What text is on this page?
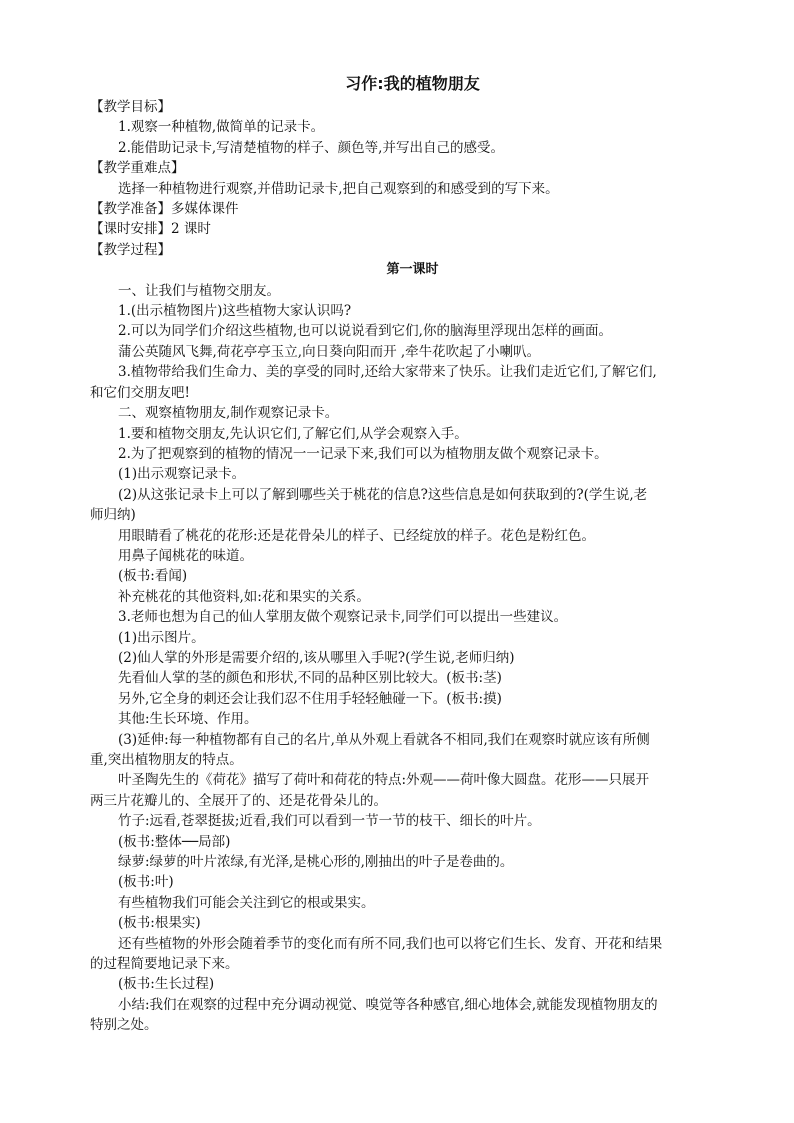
习作:我的植物朋友

【教学目标】

1.观察一种植物,做简单的记录卡。

2.能借助记录卡,写清楚植物的样子、颜色等,并写出自己的感受。

【教学重难点】

选择一种植物进行观察,并借助记录卡,把自己观察到的和感受到的写下来。

【教学准备】多媒体课件

【课时安排】2 课时

【教学过程】

第一课时

一、让我们与植物交朋友。

1.(出示植物图片)这些植物大家认识吗?

2.可以为同学们介绍这些植物,也可以说说看到它们,你的脑海里浮现出怎样的画面。

蒲公英随风飞舞,荷花亭亭玉立,向日葵向阳而开 ,牵牛花吹起了小喇叭。

3.植物带给我们生命力、美的享受的同时,还给大家带来了快乐。让我们走近它们,了解它们,

和它们交朋友吧!

二、观察植物朋友,制作观察记录卡。

1.要和植物交朋友,先认识它们,了解它们,从学会观察入手。

2.为了把观察到的植物的情况一一记录下来,我们可以为植物朋友做个观察记录卡。

(1)出示观察记录卡。

(2)从这张记录卡上可以了解到哪些关于桃花的信息?这些信息是如何获取到的?(学生说,老

师归纳)

用眼睛看了桃花的花形:还是花骨朵儿的样子、已经绽放的样子。花色是粉红色。

用鼻子闻桃花的味道。

(板书:看闻)

补充桃花的其他资料,如:花和果实的关系。

3.老师也想为自己的仙人掌朋友做个观察记录卡,同学们可以提出一些建议。

(1)出示图片。

(2)仙人掌的外形是需要介绍的,该从哪里入手呢?(学生说,老师归纳)

先看仙人掌的茎的颜色和形状,不同的品种区别比较大。(板书:茎)

另外,它全身的刺还会让我们忍不住用手轻轻触碰一下。(板书:摸)

其他:生长环境、作用。

(3)延伸:每一种植物都有自己的名片,单从外观上看就各不相同,我们在观察时就应该有所侧

重,突出植物朋友的特点。

叶圣陶先生的《荷花》描写了荷叶和荷花的特点:外观——荷叶像大圆盘。花形——只展开

两三片花瓣儿的、全展开了的、还是花骨朵儿的。

竹子:远看,苍翠挺拔;近看,我们可以看到一节一节的枝干、细长的叶片。

(板书:整体──局部)

绿萝:绿萝的叶片浓绿,有光泽,是桃心形的,刚抽出的叶子是卷曲的。

(板书:叶)

有些植物我们可能会关注到它的根或果实。

(板书:根果实)

还有些植物的外形会随着季节的变化而有所不同,我们也可以将它们生长、发育、开花和结果

的过程简要地记录下来。

(板书:生长过程)

小结:我们在观察的过程中充分调动视觉、嗅觉等各种感官,细心地体会,就能发现植物朋友的

特别之处。
